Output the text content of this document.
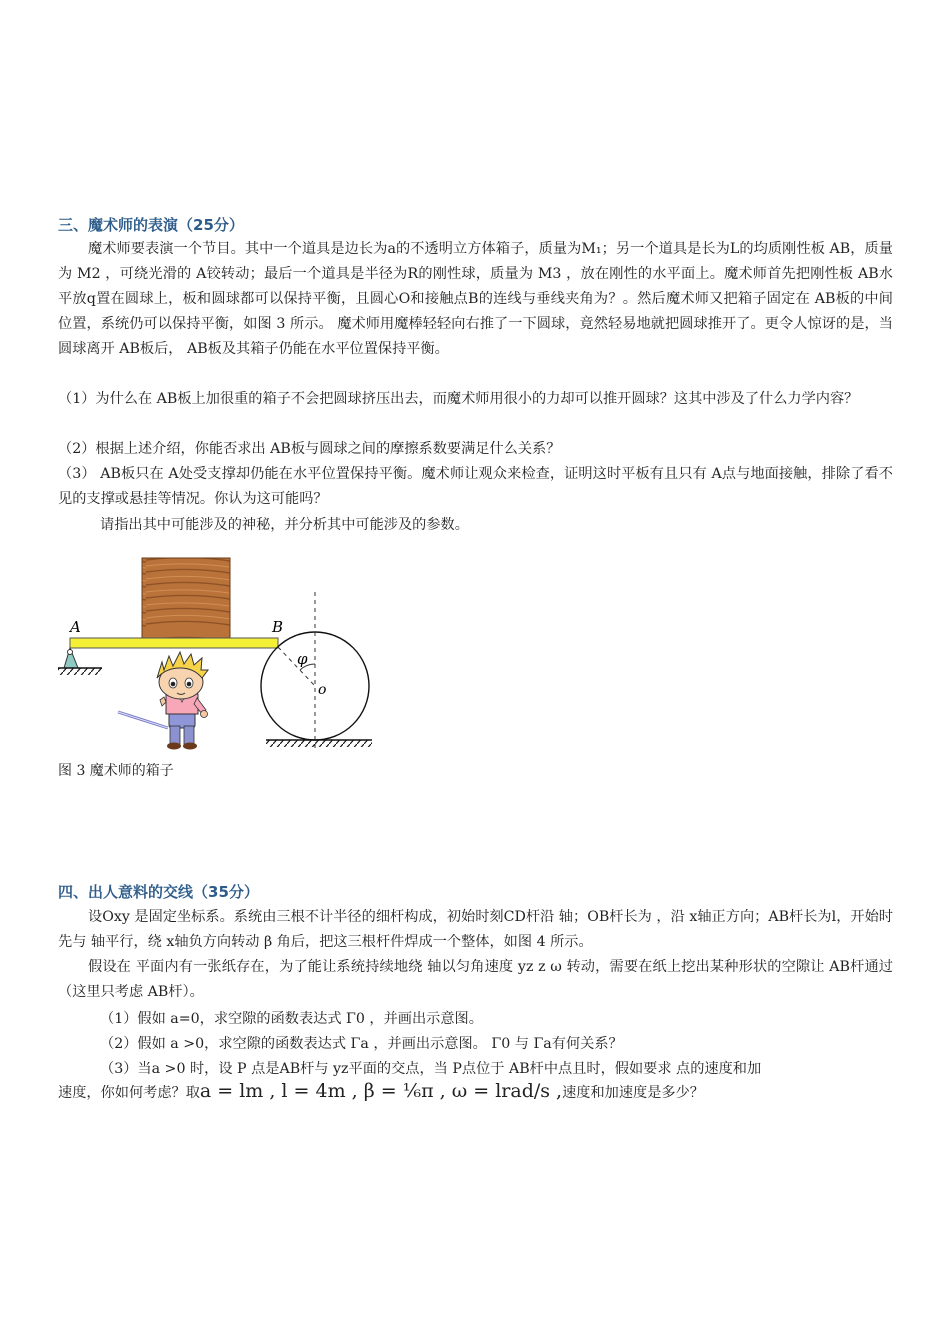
三、魔术师的表演（25分）
魔术师要表演一个节目。其中一个道具是边长为a的不透明立方体箱子，质量为M₁；另一个道具是长为L的均质刚性板 AB，质量为 M2 ，可绕光滑的 A铰转动；最后一个道具是半径为R的刚性球，质量为 M3 ，放在刚性的水平面上。魔术师首先把刚性板 AB水平放q置在圆球上，板和圆球都可以保持平衡，且圆心O和接触点B的连线与垂线夹角为？。然后魔术师又把箱子固定在 AB板的中间位置，系统仍可以保持平衡，如图 3 所示。 魔术师用魔棒轻轻向右推了一下圆球，竟然轻易地就把圆球推开了。更令人惊讶的是，当圆球离开 AB板后， AB板及其箱子仍能在水平位置保持平衡。
（1）为什么在 AB板上加很重的箱子不会把圆球挤压出去，而魔术师用很小的力却可以推开圆球？这其中涉及了什么力学内容？
（2）根据上述介绍，你能否求出 AB板与圆球之间的摩擦系数要满足什么关系？
（3） AB板只在 A处受支撑却仍能在水平位置保持平衡。魔术师让观众来检查，证明这时平板有且只有 A点与地面接触，排除了看不见的支撑或悬挂等情况。你认为这可能吗？
请指出其中可能涉及的神秘，并分析其中可能涉及的参数。
A	B
φ
o
图 3 魔术师的箱子
四、出人意料的交线（35分）
设Oxy 是固定坐标系。系统由三根不计半径的细杆构成，初始时刻CD杆沿 轴；OB杆长为 ，沿 x轴正方向；AB杆长为l，开始时先与 轴平行，绕 x轴负方向转动 β 角后，把这三根杆件焊成一个整体，如图 4 所示。
假设在 平面内有一张纸存在，为了能让系统持续地绕 轴以匀角速度 yz z ω 转动，需要在纸上挖出某种形状的空隙让 AB杆通过（这里只考虑 AB杆）。
（1）假如 a=0，求空隙的函数表达式 Γ0 ，并画出示意图。
（2）假如 a >0，求空隙的函数表达式 Γa ，并画出示意图。 Γ0 与 Γa有何关系？
（3）当a >0 时，设 P 点是AB杆与 yz平面的交点，当 P点位于 AB杆中点且时，假如要求 点的速度和加
速度，你如何考虑？取a = lm , l = 4m , β = ¹⁄₆π , ω = lrad/s ,速度和加速度是多少？
